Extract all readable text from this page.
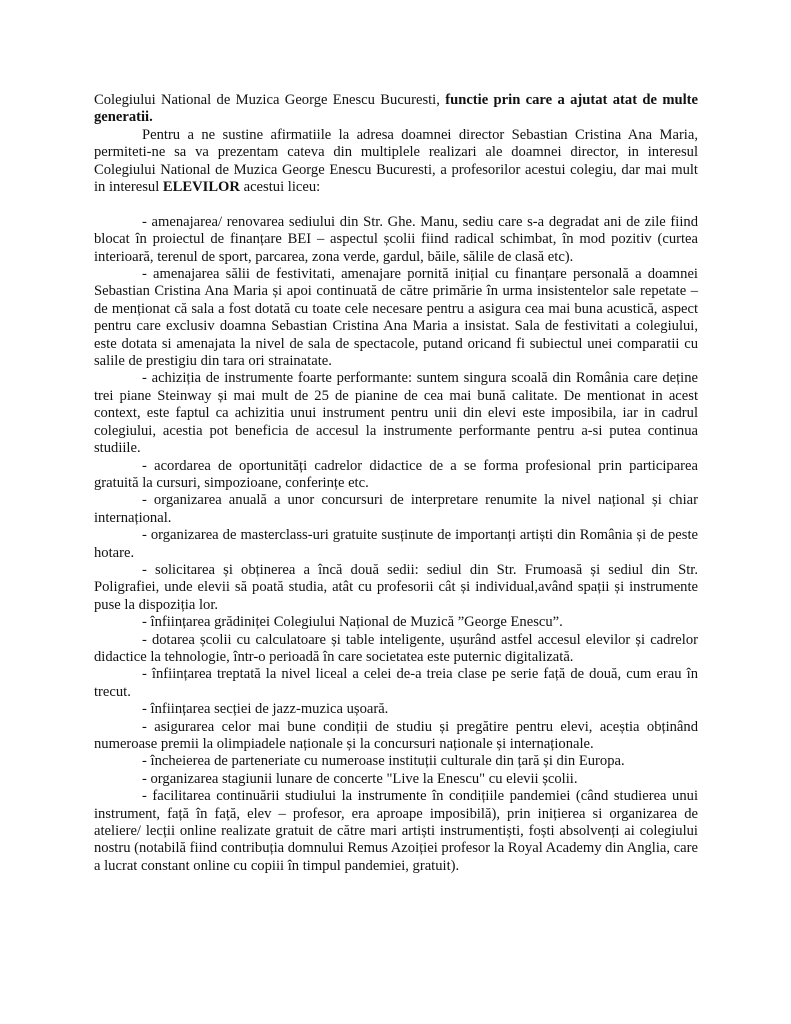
Colegiului National de Muzica George Enescu Bucuresti, functie prin care a ajutat atat de multe generatii.

Pentru a ne sustine afirmatiile la adresa doamnei director Sebastian Cristina Ana Maria, permiteti-ne sa va prezentam cateva din multiplele realizari ale doamnei director, in interesul Colegiului National de Muzica George Enescu Bucuresti, a profesorilor acestui colegiu, dar mai mult in interesul ELEVILOR acestui liceu:

- amenajarea/ renovarea sediului din Str. Ghe. Manu, sediu care s-a degradat ani de zile fiind blocat în proiectul de finanțare BEI – aspectul școlii fiind radical schimbat, în mod pozitiv (curtea interioară, terenul de sport, parcarea, zona verde, gardul, băile, sălile de clasă etc).

- amenajarea sălii de festivitati, amenajare pornită inițial cu finanțare personală a doamnei Sebastian Cristina Ana Maria și apoi continuată de către primărie în urma insistentelor sale repetate – de menționat că sala a fost dotată cu toate cele necesare pentru a asigura cea mai buna acustică, aspect pentru care exclusiv doamna Sebastian Cristina Ana Maria a insistat. Sala de festivitati a colegiului, este dotata si amenajata la nivel de sala de spectacole, putand oricand fi subiectul unei comparatii cu salile de prestigiu din tara ori strainatate.

- achiziția de instrumente foarte performante: suntem singura scoală din România care deține trei piane Steinway și mai mult de 25 de pianine de cea mai bună calitate. De mentionat in acest context, este faptul ca achizitia unui instrument pentru unii din elevi este imposibila, iar in cadrul colegiului, acestia pot beneficia de accesul la instrumente performante pentru a-si putea continua studiile.

- acordarea de oportunități cadrelor didactice de a se forma profesional prin participarea gratuită la cursuri, simpozioane, conferințe etc.

- organizarea anuală a unor concursuri de interpretare renumite la nivel național și chiar internațional.

- organizarea de masterclass-uri gratuite susținute de importanți artiști din România și de peste hotare.

- solicitarea și obținerea a încă două sedii: sediul din Str. Frumoasă și sediul din Str. Poligrafiei, unde elevii să poată studia, atât cu profesorii cât și individual,având spații și instrumente puse la dispoziția lor.

- înființarea grădiniței Colegiului Național de Muzică ”George Enescu”.

- dotarea școlii cu calculatoare și table inteligente, ușurând astfel accesul elevilor și cadrelor didactice la tehnologie, într-o perioadă în care societatea este puternic digitalizată.

- înființarea treptată la nivel liceal a celei de-a treia clase pe serie față de două, cum erau în trecut.

- înființarea secției de jazz-muzica ușoară.

- asigurarea celor mai bune condiții de studiu și pregătire pentru elevi, aceștia obținând numeroase premii la olimpiadele naționale și la concursuri naționale și internaționale.

- încheierea de parteneriate cu numeroase instituții culturale din țară și din Europa.

- organizarea stagiunii lunare de concerte "Live la Enescu" cu elevii școlii.

- facilitarea continuării studiului la instrumente în condițiile pandemiei (când studierea unui instrument, față în față, elev – profesor, era aproape imposibilă), prin inițierea si organizarea de ateliere/ lecții online realizate gratuit de către mari artiști instrumentiști, foști absolvenți ai colegiului nostru (notabilă fiind contribuția domnului Remus Azoiției profesor la Royal Academy din Anglia, care a lucrat constant online cu copiii în timpul pandemiei, gratuit).
